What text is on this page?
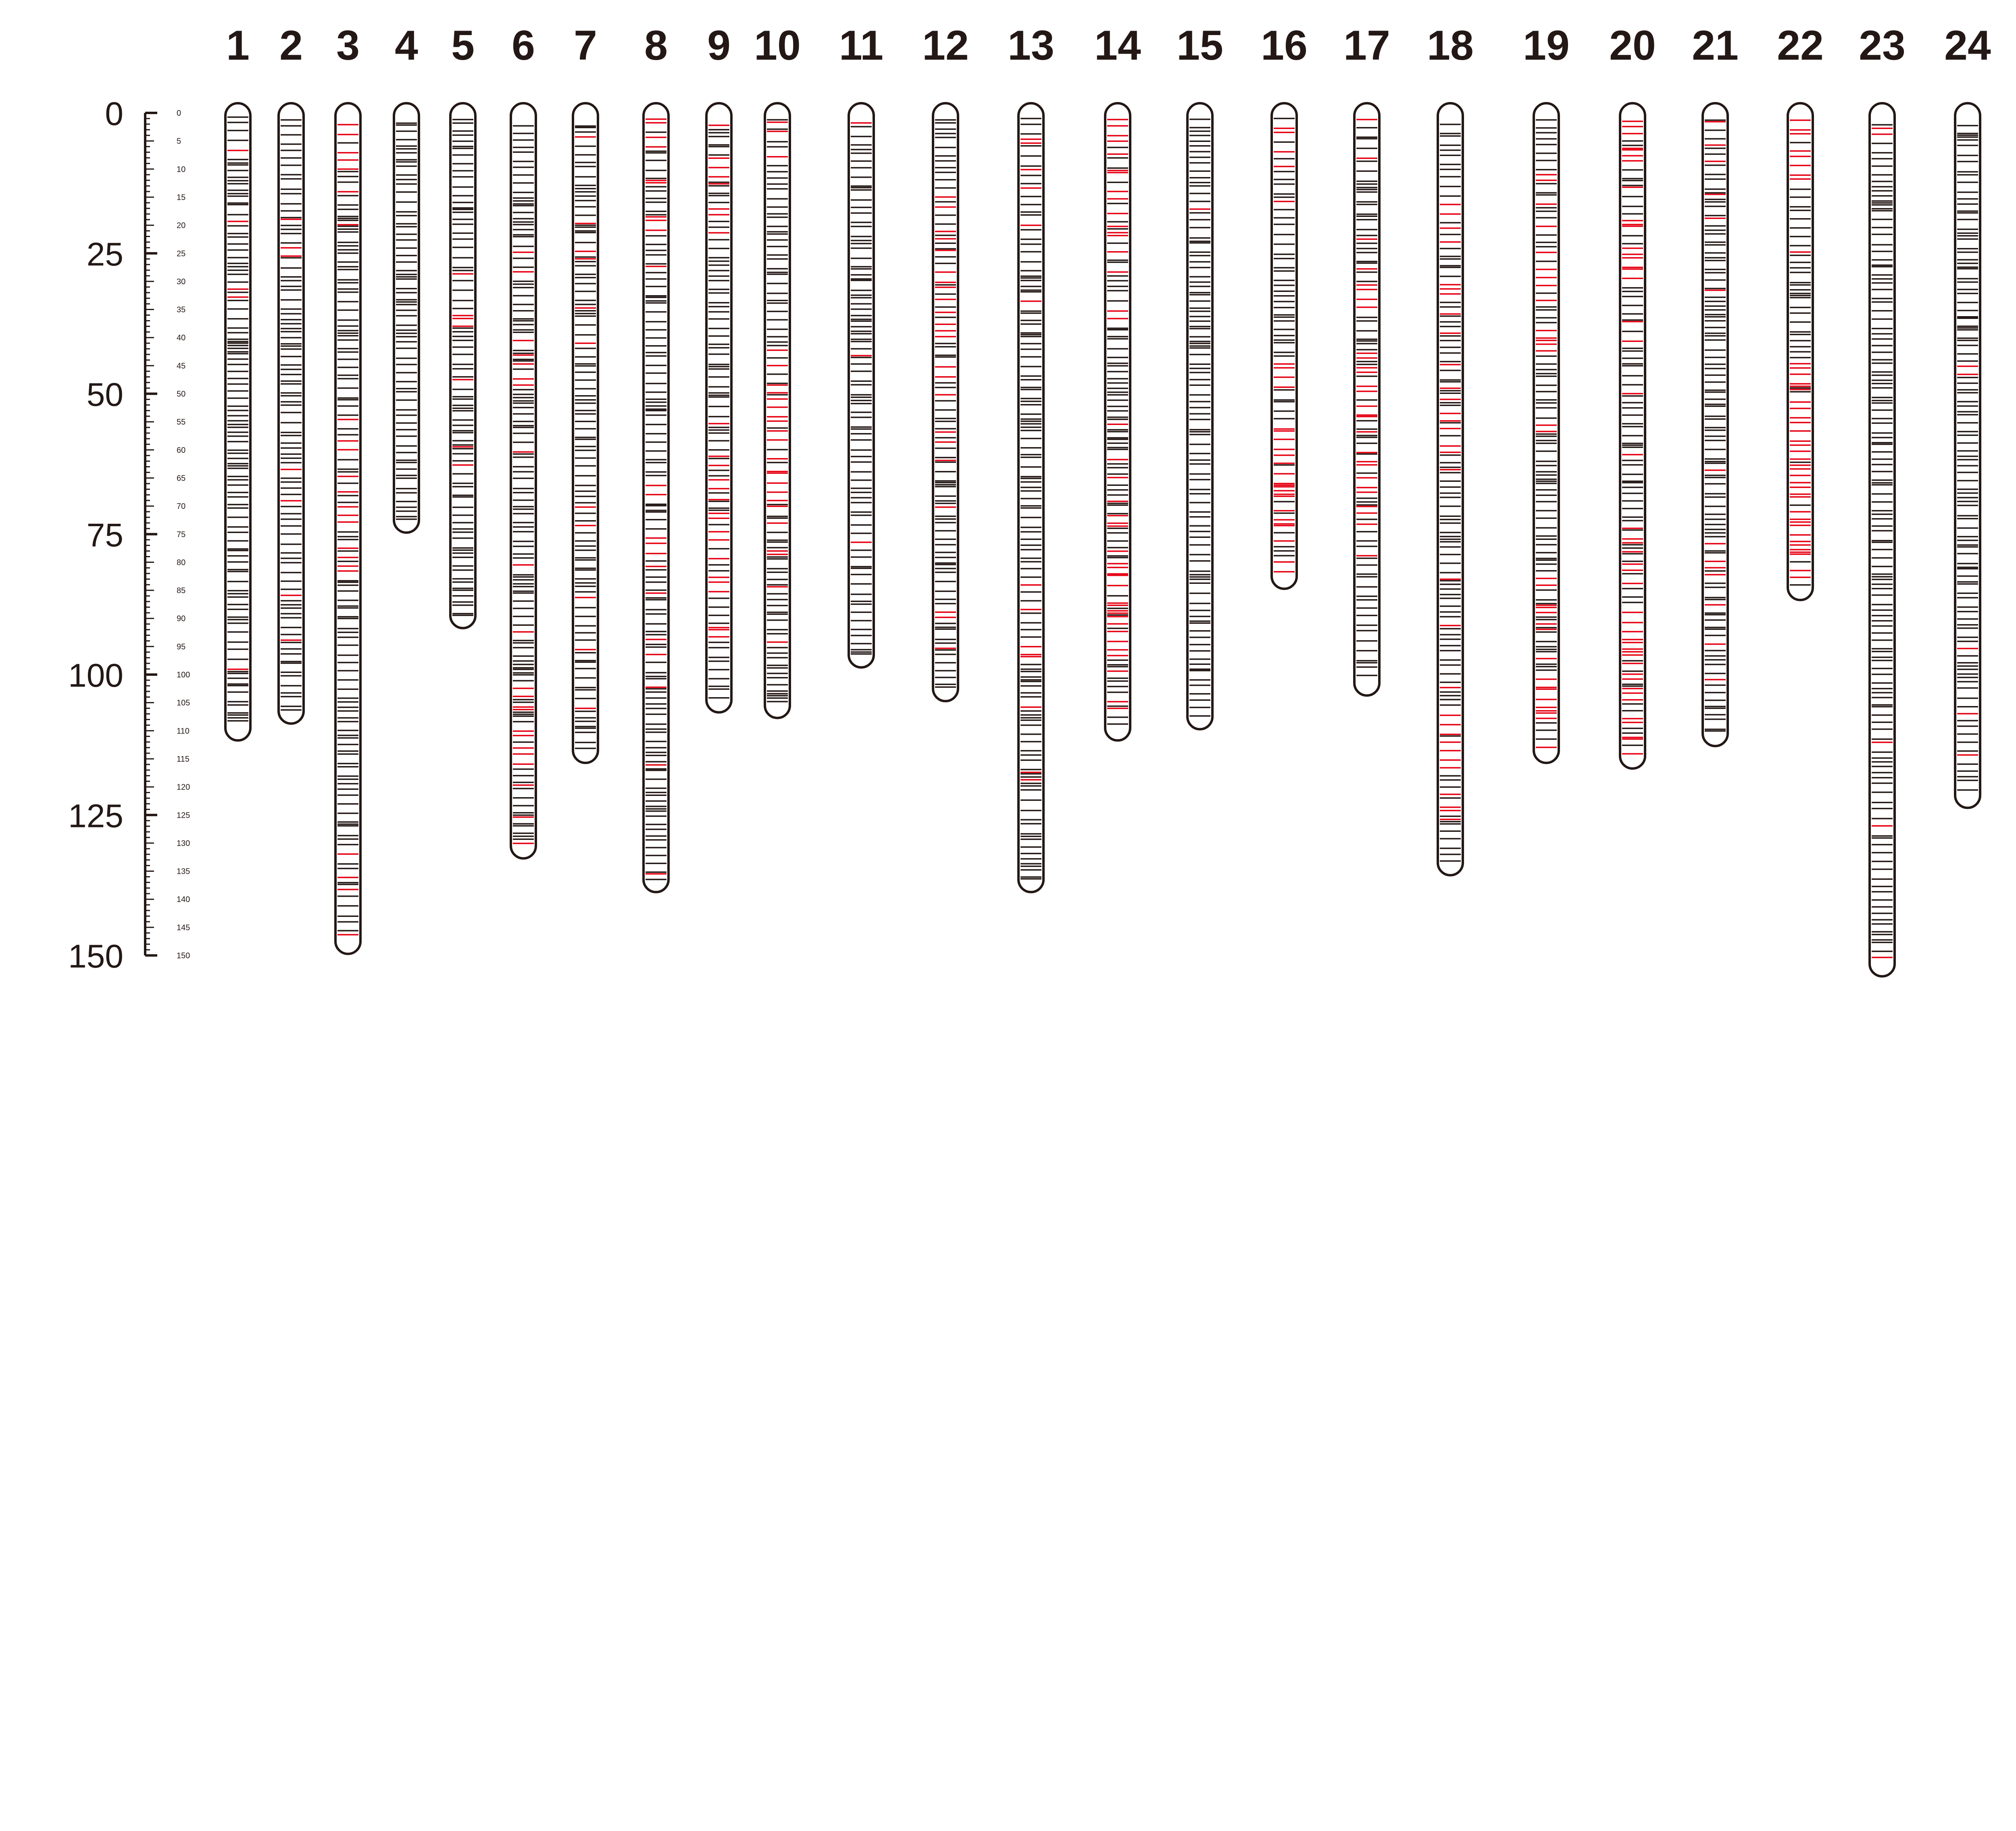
0
5
10
15
20
25
30
35
40
45
50
55
60
65
70
75
80
85
90
95
100
105
110
115
120
125
130
135
140
145
150
0
25
50
75
100
125
150
1 2 3 4 5 6 7 8 9 10 11 12 13 14 15 16 17 18 19 20 21 22 23 24
